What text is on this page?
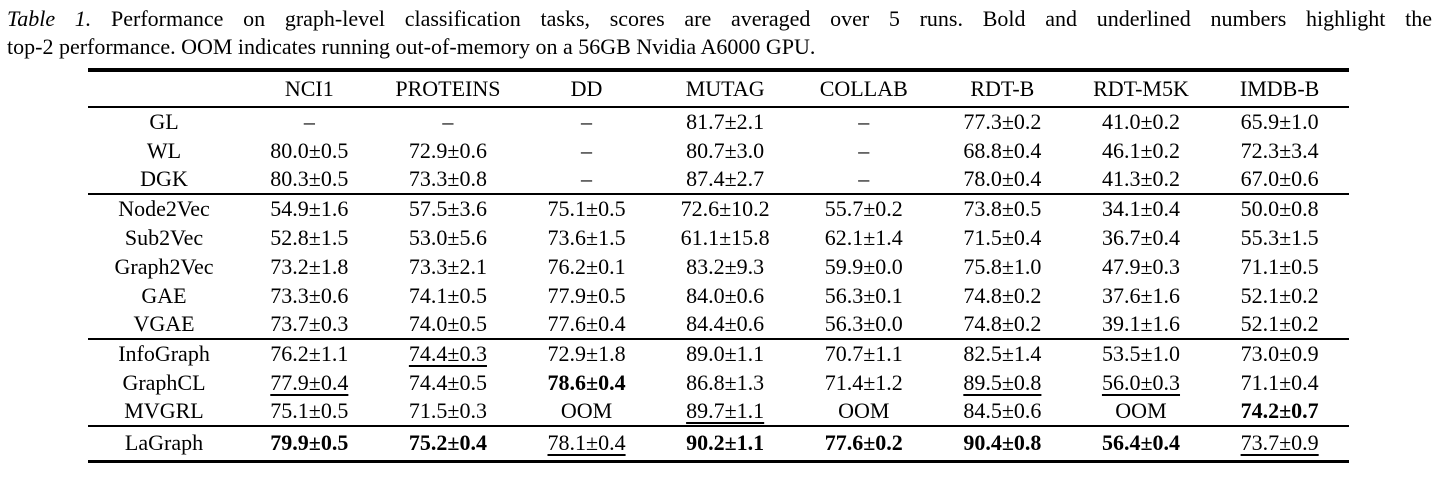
Table 1. Performance on graph-level classification tasks, scores are averaged over 5 runs. Bold and underlined numbers highlight the
top-2 performance. OOM indicates running out-of-memory on a 56GB Nvidia A6000 GPU.
	NCI1	PROTEINS	DD	MUTAG	COLLAB	RDT-B	RDT-M5K	IMDB-B
GL	–	–	–	81.7±2.1	–	77.3±0.2	41.0±0.2	65.9±1.0
WL	80.0±0.5	72.9±0.6	–	80.7±3.0	–	68.8±0.4	46.1±0.2	72.3±3.4
DGK	80.3±0.5	73.3±0.8	–	87.4±2.7	–	78.0±0.4	41.3±0.2	67.0±0.6
Node2Vec	54.9±1.6	57.5±3.6	75.1±0.5	72.6±10.2	55.7±0.2	73.8±0.5	34.1±0.4	50.0±0.8
Sub2Vec	52.8±1.5	53.0±5.6	73.6±1.5	61.1±15.8	62.1±1.4	71.5±0.4	36.7±0.4	55.3±1.5
Graph2Vec	73.2±1.8	73.3±2.1	76.2±0.1	83.2±9.3	59.9±0.0	75.8±1.0	47.9±0.3	71.1±0.5
GAE	73.3±0.6	74.1±0.5	77.9±0.5	84.0±0.6	56.3±0.1	74.8±0.2	37.6±1.6	52.1±0.2
VGAE	73.7±0.3	74.0±0.5	77.6±0.4	84.4±0.6	56.3±0.0	74.8±0.2	39.1±1.6	52.1±0.2
InfoGraph	76.2±1.1	74.4±0.3	72.9±1.8	89.0±1.1	70.7±1.1	82.5±1.4	53.5±1.0	73.0±0.9
GraphCL	77.9±0.4	74.4±0.5	78.6±0.4	86.8±1.3	71.4±1.2	89.5±0.8	56.0±0.3	71.1±0.4
MVGRL	75.1±0.5	71.5±0.3	OOM	89.7±1.1	OOM	84.5±0.6	OOM	74.2±0.7
LaGraph	79.9±0.5	75.2±0.4	78.1±0.4	90.2±1.1	77.6±0.2	90.4±0.8	56.4±0.4	73.7±0.9
